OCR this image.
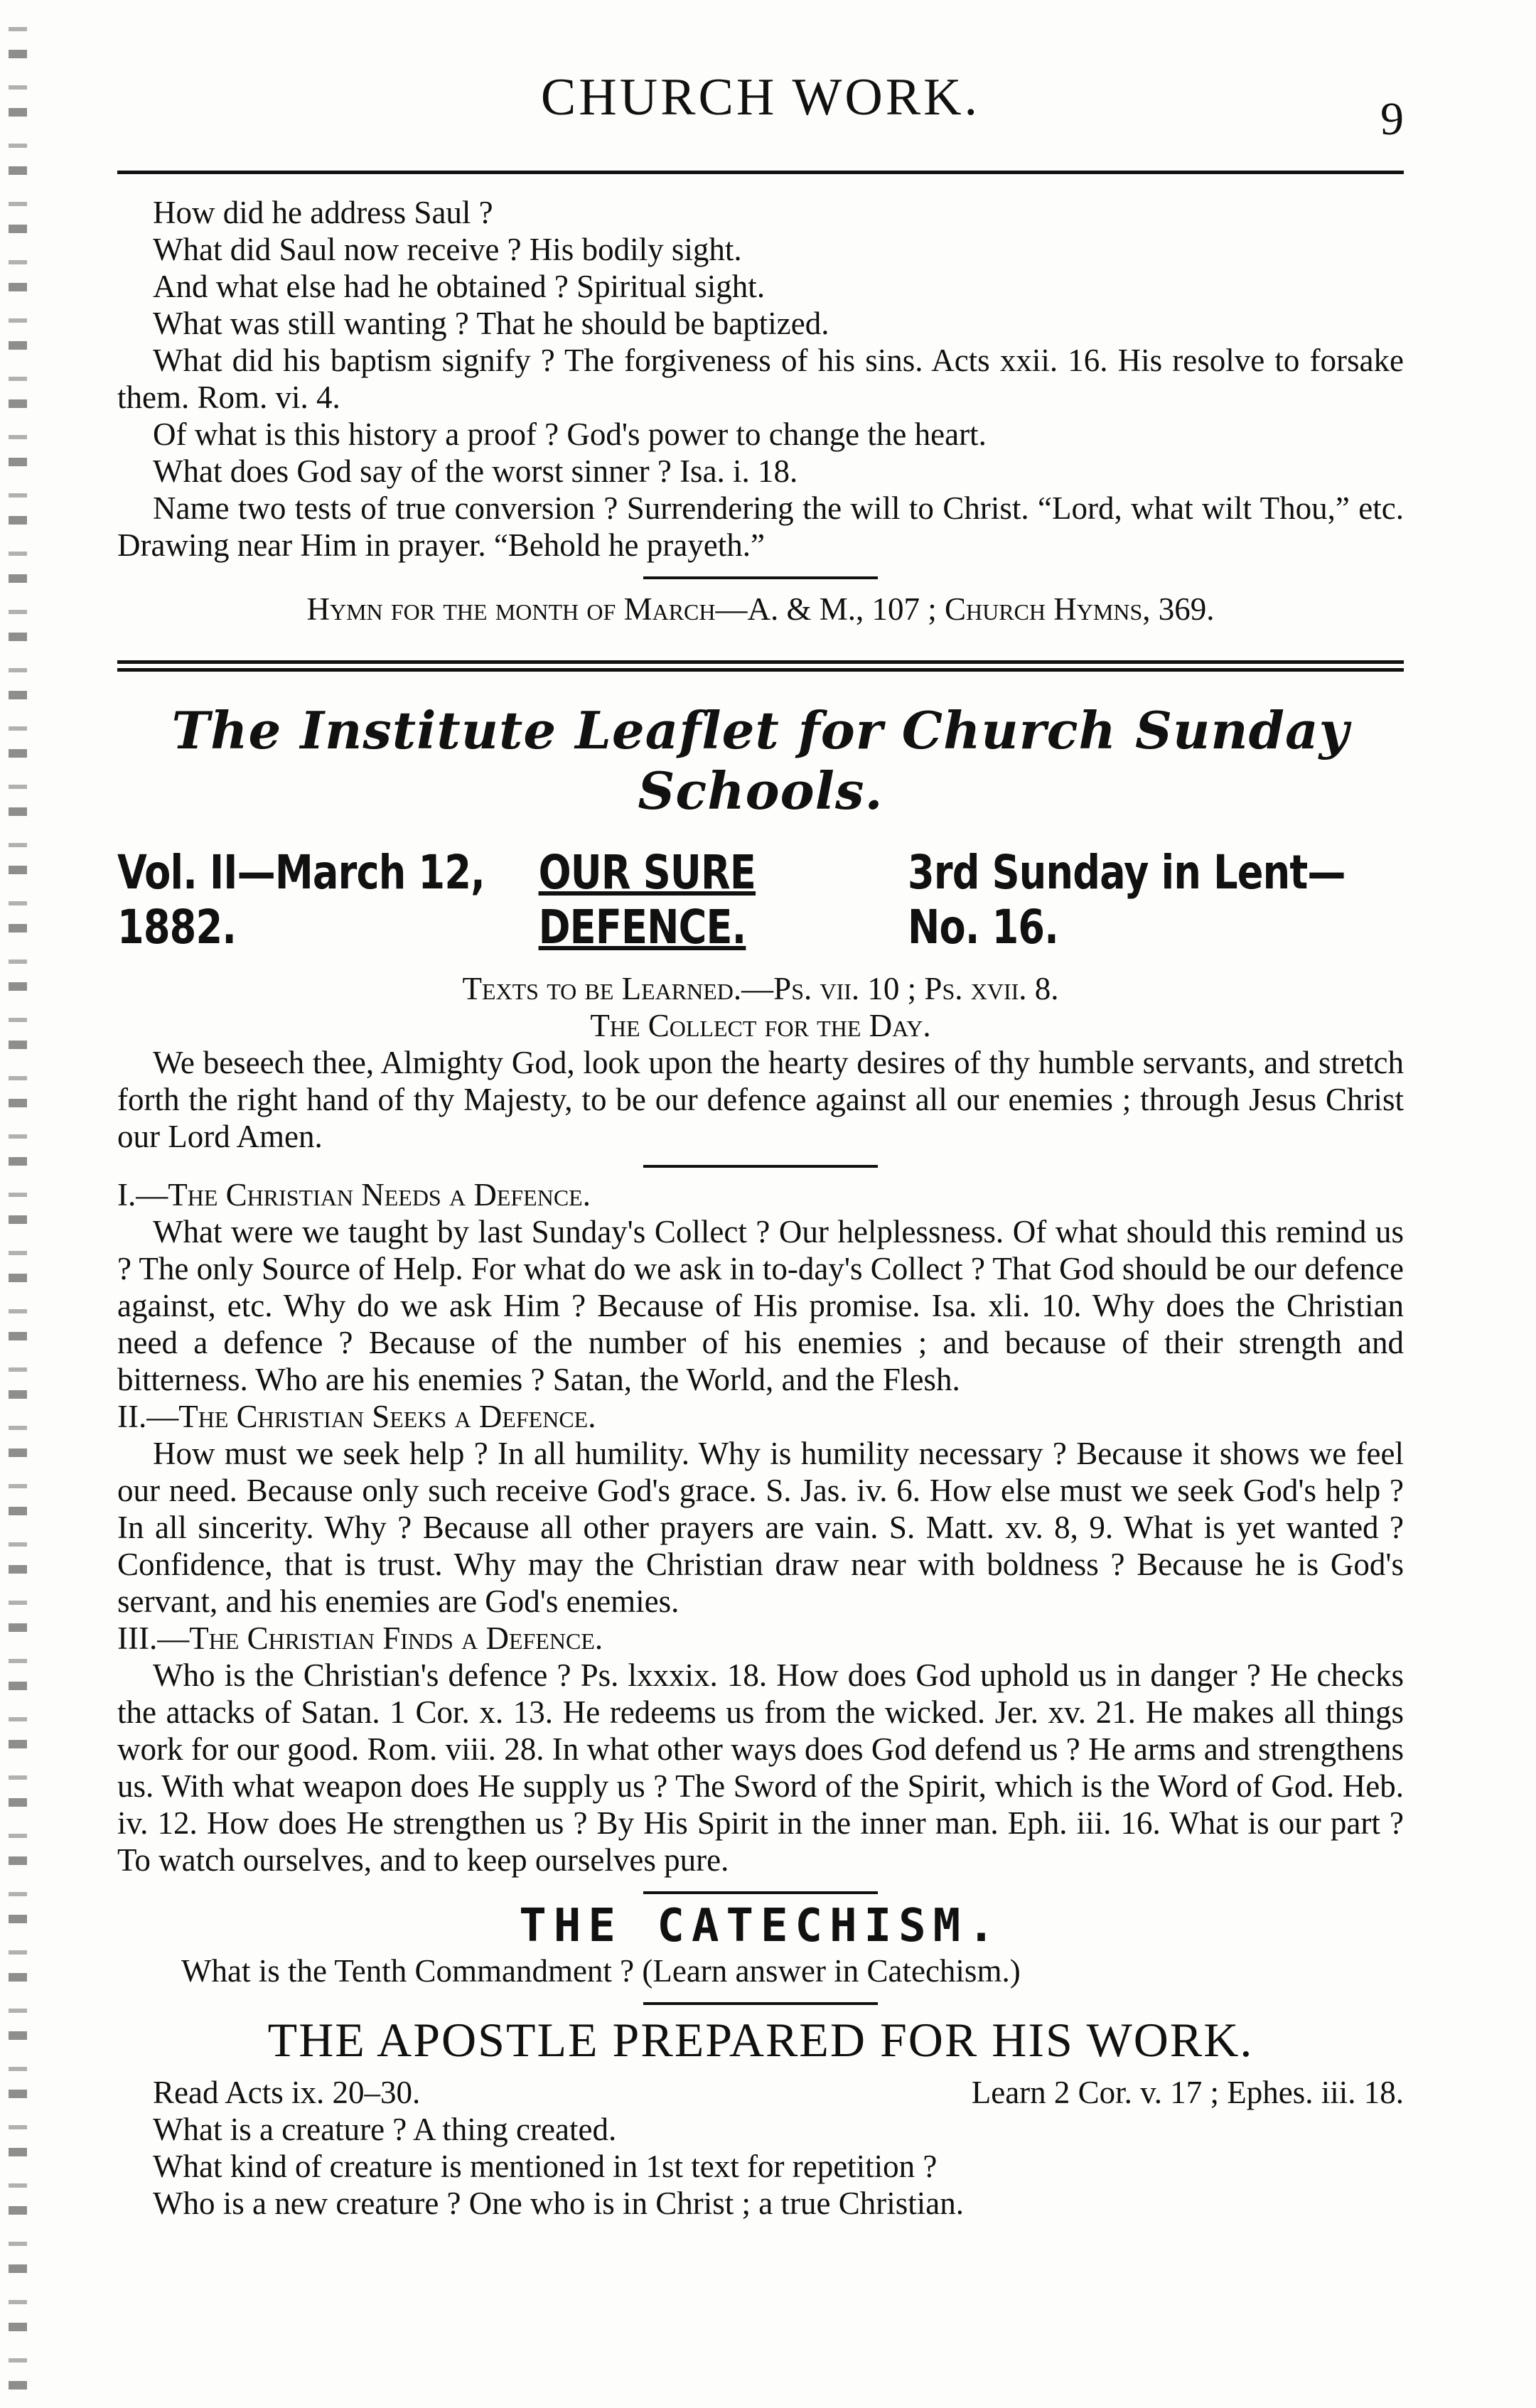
CHURCH WORK.	9

How did he address Saul ?

What did Saul now receive ? His bodily sight.

And what else had he obtained ? Spiritual sight.

What was still wanting ? That he should be baptized.

What did his baptism signify ? The forgiveness of his sins. Acts xxii. 16. His resolve to forsake them. Rom. vi. 4.

Of what is this history a proof ? God's power to change the heart.

What does God say of the worst sinner ? Isa. i. 18.

Name two tests of true conversion ? Surrendering the will to Christ. “Lord, what wilt Thou,” etc. Drawing near Him in prayer. “Behold he prayeth.”

Hymn for the month of March—A. & M., 107 ; Church Hymns, 369.

The Institute Leaflet for Church Sunday Schools.
Vol. II—March 12, 1882.
OUR SURE DEFENCE.
3rd Sunday in Lent—No. 16.

Texts to be Learned.—Ps. vii. 10 ; Ps. xvii. 8.

The Collect for the Day.

We beseech thee, Almighty God, look upon the hearty desires of thy humble servants, and stretch forth the right hand of thy Majesty, to be our defence against all our enemies ; through Jesus Christ our Lord Amen.

I.—The Christian Needs a Defence.

What were we taught by last Sunday's Collect ? Our helplessness. Of what should this remind us ? The only Source of Help. For what do we ask in to-day's Collect ? That God should be our defence against, etc. Why do we ask Him ? Because of His promise. Isa. xli. 10. Why does the Christian need a defence ? Because of the number of his enemies ; and because of their strength and bitterness. Who are his enemies ? Satan, the World, and the Flesh.

II.—The Christian Seeks a Defence.

How must we seek help ? In all humility. Why is humility necessary ? Because it shows we feel our need. Because only such receive God's grace. S. Jas. iv. 6. How else must we seek God's help ? In all sincerity. Why ? Because all other prayers are vain. S. Matt. xv. 8, 9. What is yet wanted ? Confidence, that is trust. Why may the Christian draw near with boldness ? Because he is God's servant, and his enemies are God's enemies.

III.—The Christian Finds a Defence.

Who is the Christian's defence ? Ps. lxxxix. 18. How does God uphold us in danger ? He checks the attacks of Satan. 1 Cor. x. 13. He redeems us from the wicked. Jer. xv. 21. He makes all things work for our good. Rom. viii. 28. In what other ways does God defend us ? He arms and strengthens us. With what weapon does He supply us ? The Sword of the Spirit, which is the Word of God. Heb. iv. 12. How does He strengthen us ? By His Spirit in the inner man. Eph. iii. 16. What is our part ? To watch ourselves, and to keep ourselves pure.

THE CATECHISM.

What is the Tenth Commandment ? (Learn answer in Catechism.)

THE APOSTLE PREPARED FOR HIS WORK.
Read Acts ix. 20–30.	Learn 2 Cor. v. 17 ; Ephes. iii. 18.

What is a creature ? A thing created.

What kind of creature is mentioned in 1st text for repetition ?

Who is a new creature ? One who is in Christ ; a true Christian.
